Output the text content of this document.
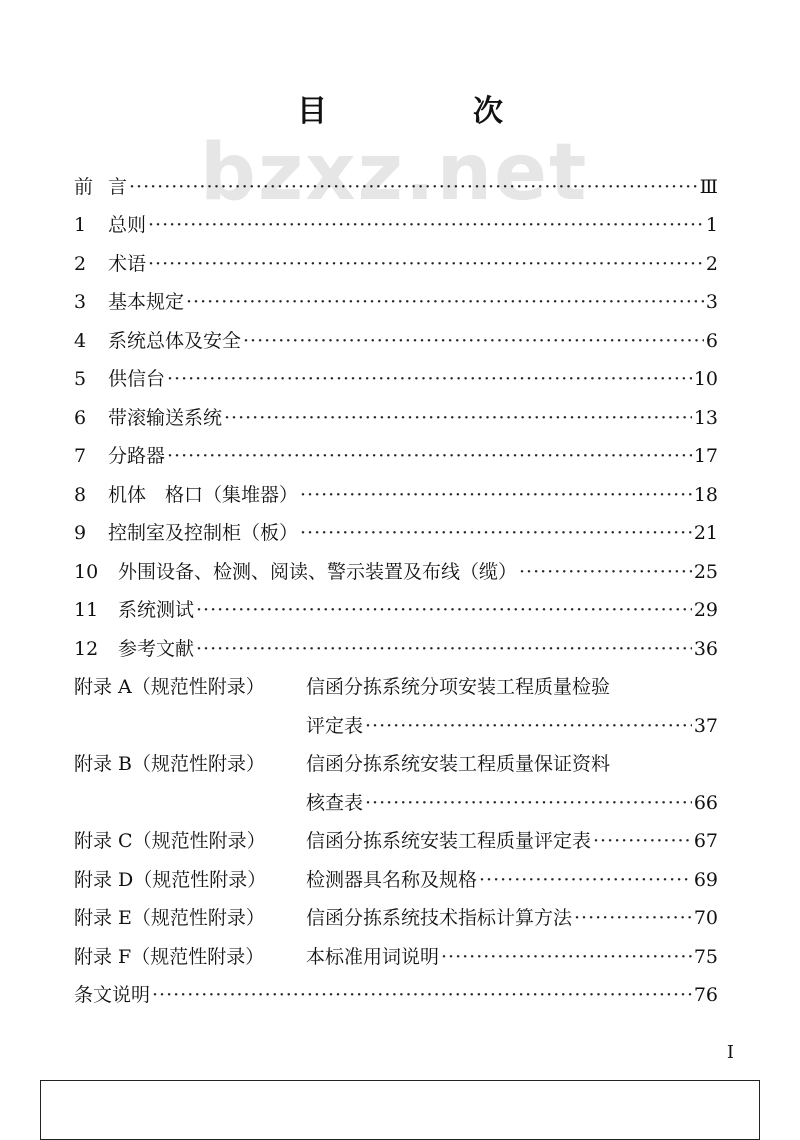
目　次
bzxz.net
前 言 ·····	Ⅲ
1	总则 ·····	1
2	术语 ·····	2
3	基本规定 ·····	3
4	系统总体及安全 ·····	6
5	供信台 ·····	10
6	带滚输送系统 ·····	13
7	分路器 ·····	17
8	机体　格口（集堆器） ·····	18
9	控制室及控制柜（板） ·····	21
10	外围设备、检测、阅读、警示装置及布线（缆） ·····	25
11	系统测试 ·····	29
12	参考文献 ·····	36
附录 A（规范性附录）	信函分拣系统分项安装工程质量检验
评定表 ·····	37
附录 B（规范性附录）	信函分拣系统安装工程质量保证资料
核查表 ·····	66
附录 C（规范性附录）	信函分拣系统安装工程质量评定表 ·····	67
附录 D（规范性附录）	检测器具名称及规格 ·····	69
附录 E（规范性附录）	信函分拣系统技术指标计算方法 ·····	70
附录 F（规范性附录）	本标准用词说明 ·····	75
条文说明 ·····	76
I
